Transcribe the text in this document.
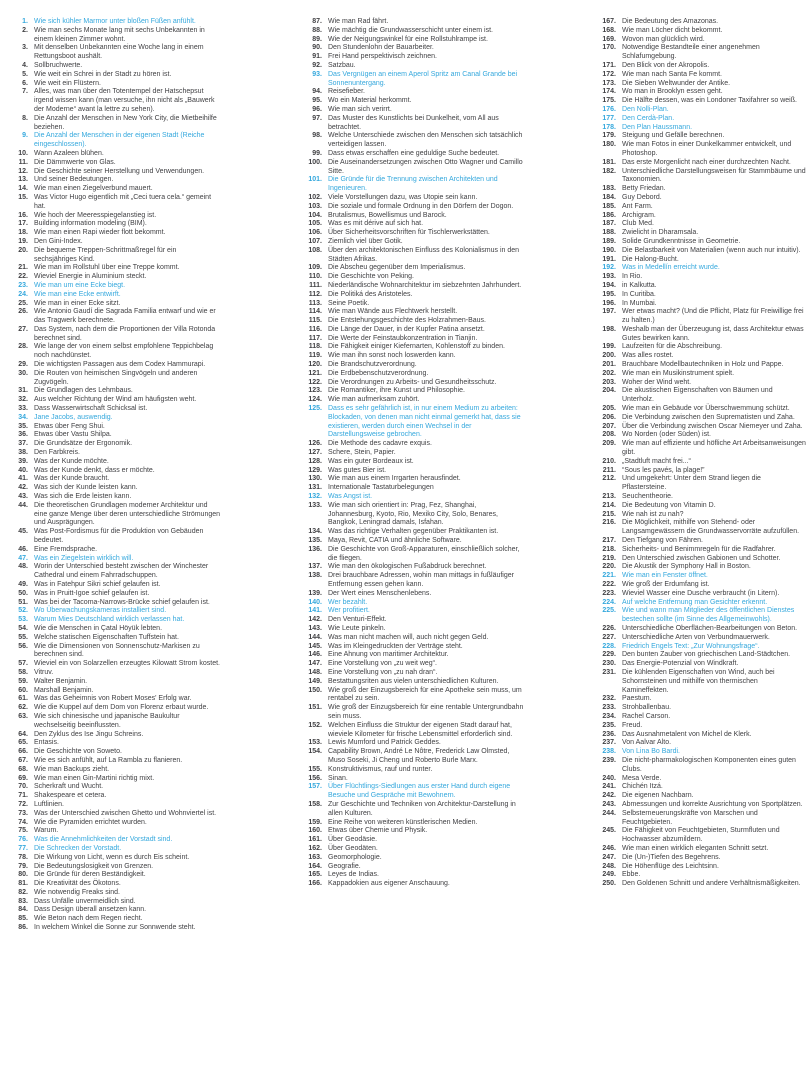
1. Wie sich kühler Marmor unter bloßen Füßen anfühlt.
2. Wie man sechs Monate lang mit sechs Unbekannten in einem kleinen Zimmer wohnt.
3. Mit denselben Unbekannten eine Woche lang in einem Rettungsboot aushält.
4. Sollbruchwerte.
5. Wie weit ein Schrei in der Stadt zu hören ist.
6. Wie weit ein Flüstern.
7. Alles, was man über den Totentempel der Hatschepsut irgend wissen kann (man versuche, ihn nicht als „Bauwerk der Moderne“ avant la lettre zu sehen).
8. Die Anzahl der Menschen in New York City, die Mietbeihilfe beziehen.
9. Die Anzahl der Menschen in der eigenen Stadt (Reiche eingeschlossen).
10. Wann Azaleen blühen.
11. Die Dämmwerte von Glas.
12. Die Geschichte seiner Herstellung und Verwendungen.
13. Und seiner Bedeutungen.
14. Wie man einen Ziegelverbund mauert.
15. Was Victor Hugo eigentlich mit „Ceci tuera cela.“ gemeint hat.
16. Wie hoch der Meeresspiegelanstieg ist.
17. Building information modeling (BIM).
18. Wie man einen Rapi wieder flott bekommt.
19. Den Gini-Index.
20. Die bequeme Treppen-Schrittmaßregel für ein sechsjähriges Kind.
21. Wie man im Rollstuhl über eine Treppe kommt.
22. Wieviel Energie in Aluminium steckt.
23. Wie man um eine Ecke biegt.
24. Wie man eine Ecke entwirft.
25. Wie man in einer Ecke sitzt.
26. Wie Antonio Gaudí die Sagrada Familia entwarf und wie er das Tragwerk berechnete.
27. Das System, nach dem die Proportionen der Villa Rotonda berechnet sind.
28. Wie lange der von einem selbst empfohlene Teppichbelag noch nachdünstet.
29. Die wichtigsten Passagen aus dem Codex Hammurapi.
30. Die Routen von heimischen Singvögeln und anderen Zugvögeln.
31. Die Grundlagen des Lehmbaus.
32. Aus welcher Richtung der Wind am häufigsten weht.
33. Dass Wasserwirtschaft Schicksal ist.
34. Jane Jacobs, auswendig.
35. Etwas über Feng Shui.
36. Etwas über Vastu Shilpa.
37. Die Grundsätze der Ergonomik.
38. Den Farbkreis.
39. Was der Kunde möchte.
40. Was der Kunde denkt, dass er möchte.
41. Was der Kunde braucht.
42. Was sich der Kunde leisten kann.
43. Was sich die Erde leisten kann.
44. Die theoretischen Grundlagen moderner Architektur und eine ganze Menge über deren unterschiedliche Strömungen und Ausprägungen.
45. Was Post-Fordismus für die Produktion von Gebäuden bedeutet.
46. Eine Fremdsprache.
47. Was ein Ziegelstein wirklich will.
48. Worin der Unterschied besteht zwischen der Winchester Cathedral und einem Fahrradschuppen.
49. Was in Fatehpur Sikri schief gelaufen ist.
50. Was in Pruitt-Igoe schief gelaufen ist.
51. Was bei der Tacoma-Narrows-Brücke schief gelaufen ist.
52. Wo Überwachungskameras installiert sind.
53. Warum Mies Deutschland wirklich verlassen hat.
54. Wie die Menschen in Çatal Höyük lebten.
55. Welche statischen Eigenschaften Tuffstein hat.
56. Wie die Dimensionen von Sonnenschutz-Markisen zu berechnen sind.
57. Wieviel ein von Solarzellen erzeugtes Kilowatt Strom kostet.
58. Vitruv.
59. Walter Benjamin.
60. Marshall Benjamin.
61. Was das Geheimnis von Robert Moses' Erfolg war.
62. Wie die Kuppel auf dem Dom von Florenz erbaut wurde.
63. Wie sich chinesische und japanische Baukultur wechselseitig beeinflussten.
64. Den Zyklus des Ise Jingu Schreins.
65. Entasis.
66. Die Geschichte von Soweto.
67. Wie es sich anfühlt, auf La Rambla zu flanieren.
68. Wie man Backups zieht.
69. Wie man einen Gin-Martini richtig mixt.
70. Scherkraft und Wucht.
71. Shakespeare et cetera.
72. Luftlinien.
73. Was der Unterschied zwischen Ghetto und Wohnviertel ist.
74. Wie die Pyramiden errichtet wurden.
75. Warum.
76. Was die Annehmlichkeiten der Vorstadt sind.
77. Die Schrecken der Vorstadt.
78. Die Wirkung von Licht, wenn es durch Eis scheint.
79. Die Bedeutungslosigkeit von Grenzen.
80. Die Gründe für deren Beständigkeit.
81. Die Kreativität des Ökotons.
82. Wie notwendig Freaks sind.
83. Dass Unfälle unvermeidlich sind.
84. Dass Design überall ansetzen kann.
85. Wie Beton nach dem Regen riecht.
86. In welchem Winkel die Sonne zur Sonnwende steht.
87. Wie man Rad fährt.
88. Wie mächtig die Grundwasserschicht unter einem ist.
89. Wie der Neigungswinkel für eine Rollstuhlrampe ist.
90. Den Stundenlohn der Bauarbeiter.
91. Frei Hand perspektivisch zeichnen.
92. Satzbau.
93. Das Vergnügen an einem Aperol Spritz am Canal Grande bei Sonnenuntergang.
94. Reisefieber.
95. Wo ein Material herkommt.
96. Wie man sich verirrt.
97. Das Muster des Kunstlichts bei Dunkelheit, vom All aus betrachtet.
98. Welche Unterschiede zwischen den Menschen sich tatsächlich verteidigen lassen.
99. Dass etwas erschaffen eine geduldige Suche bedeutet.
100. Die Auseinandersetzungen zwischen Otto Wagner und Camillo Sitte.
101. Die Gründe für die Trennung zwischen Architekten und Ingenieuren.
102. Viele Vorstellungen dazu, was Utopie sein kann.
103. Die soziale und formale Ordnung in den Dörfern der Dogon.
104. Brutalismus, Bowellismus und Barock.
105. Was es mit dérive auf sich hat.
106. Über Sicherheitsvorschriften für Tischlerwerkstätten.
107. Ziemlich viel über Gotik.
108. Über den architektonischen Einfluss des Kolonialismus in den Städten Afrikas.
109. Die Abscheu gegenüber dem Imperialismus.
110. Die Geschichte von Peking.
111. Niederländische Wohnarchitektur im siebzehnten Jahrhundert.
112. Die Politiká des Aristoteles.
113. Seine Poetik.
114. Wie man Wände aus Flechtwerk herstellt.
115. Die Entstehungsgeschichte des Holzrahmen-Baus.
116. Die Länge der Dauer, in der Kupfer Patina ansetzt.
117. Die Werte der Feinstaubkonzentration in Tianjin.
118. Die Fähigkeit einiger Kiefernarten, Kohlenstoff zu binden.
119. Wie man ihn sonst noch loswerden kann.
120. Die Brandschutzverordnung.
121. Die Erdbebenschutzverordnung.
122. Die Verordnungen zu Arbeits- und Gesundheitsschutz.
123. Die Romantiker, ihre Kunst und Philosophie.
124. Wie man aufmerksam zuhört.
125. Dass es sehr gefährlich ist, in nur einem Medium zu arbeiten: Blockaden, von denen man nicht einmal gemerkt hat, dass sie existieren, werden durch einen Wechsel in der Darstellungsweise gebrochen.
126. Die Methode des cadavre exquis.
127. Schere, Stein, Papier.
128. Was ein guter Bordeaux ist.
129. Was gutes Bier ist.
130. Wie man aus einem Irrgarten herausfindet.
131. Internationale Tastaturbelegungen
132. Was Angst ist.
133. Wie man sich orientiert in: Prag, Fez, Shanghai, Johannesburg, Kyoto, Rio, Mexiko City, Solo, Benares, Bangkok, Leningrad damals, Isfahan.
134. Was das richtige Verhalten gegenüber Praktikanten ist.
135. Maya, Revit, CATIA und ähnliche Software.
136. Die Geschichte von Groß-Apparaturen, einschließlich solcher, die fliegen.
137. Wie man den ökologischen Fußabdruck berechnet.
138. Drei brauchbare Adressen, wohin man mittags in fußläufiger Entfernung essen gehen kann.
139. Der Wert eines Menschenlebens.
140. Wer bezahlt.
141. Wer profitiert.
142. Den Venturi-Effekt.
143. Wie Leute pinkeln.
144. Was man nicht machen will, auch nicht gegen Geld.
145. Was im Kleingedruckten der Verträge steht.
146. Eine Ahnung von maritimer Architektur.
147. Eine Vorstellung von „zu weit weg“.
148. Eine Vorstellung von „zu nah dran“.
149. Bestattungsriten aus vielen unterschiedlichen Kulturen.
150. Wie groß der Einzugsbereich für eine Apotheke sein muss, um rentabel zu sein.
151. Wie groß der Einzugsbereich für eine rentable Untergrundbahn sein muss.
152. Welchen Einfluss die Struktur der eigenen Stadt darauf hat, wieviele Kilometer für frische Lebensmittel erforderlich sind.
153. Lewis Mumford und Patrick Geddes.
154. Capability Brown, André Le Nôtre, Frederick Law Olmsted, Muso Soseki, Ji Cheng und Roberto Burle Marx.
155. Konstruktivismus, rauf und runter.
156. Sinan.
157. Über Flüchtlings-Siedlungen aus erster Hand durch eigene Besuche und Gespräche mit Bewohnern.
158. Zur Geschichte und Techniken von Architektur-Darstellung in allen Kulturen.
159. Eine Reihe von weiteren künstlerischen Medien.
160. Etwas über Chemie und Physik.
161. Über Geodäsie.
162. Über Geodäten.
163. Geomorphologie.
164. Geografie.
165. Leyes de Indias.
166. Kappadokien aus eigener Anschauung.
167. Die Bedeutung des Amazonas.
168. Wie man Löcher dicht bekommt.
169. Wovon man glücklich wird.
170. Notwendige Bestandteile einer angenehmen Schlafumgebung.
171. Den Blick von der Akropolis.
172. Wie man nach Santa Fe kommt.
173. Die Sieben Weltwunder der Antike.
174. Wo man in Brooklyn essen geht.
175. Die Hälfte dessen, was ein Londoner Taxifahrer so weiß.
176. Den Nolli-Plan.
177. Den Cerdà-Plan.
178. Den Plan Haussmann.
179. Steigung und Gefälle berechnen.
180. Wie man Fotos in einer Dunkelkammer entwickelt, und Photoshop.
181. Das erste Morgenlicht nach einer durchzechten Nacht.
182. Unterschiedliche Darstellungsweisen für Stammbäume und Taxonomien.
183. Betty Friedan.
184. Guy Debord.
185. Ant Farm.
186. Archigram.
187. Club Med.
188. Zwielicht in Dharamsala.
189. Solide Grundkenntnisse in Geometrie.
190. Die Belastbarkeit von Materialien (wenn auch nur intuitiv).
191. Die Halong-Bucht.
192. Was in Medellín erreicht wurde.
193. In Rio.
194. in Kalkutta.
195. In Curitiba.
196. In Mumbai.
197. Wer etwas macht? (Und die Pflicht, Platz für Freiwillige frei zu halten.)
198. Weshalb man der Überzeugung ist, dass Architektur etwas Gutes bewirken kann.
199. Laufzeiten für die Abschreibung.
200. Was alles rostet.
201. Brauchbare Modellbautechniken in Holz und Pappe.
202. Wie man ein Musikinstrument spielt.
203. Woher der Wind weht.
204. Die akustischen Eigenschaften von Bäumen und Unterholz.
205. Wie man ein Gebäude vor Überschwemmung schützt.
206. Die Verbindung zwischen den Suprematisten und Zaha.
207. Über die Verbindung zwischen Oscar Niemeyer und Zaha.
208. Wo Norden (oder Süden) ist.
209. Wie man auf effiziente und höfliche Art Arbeitsanweisungen gibt.
210. „Stadtluft macht frei...“
211. “Sous les pavés, la plage!”
212. Und umgekehrt: Unter dem Strand liegen die Pflastersteine.
213. Seuchentheorie.
214. Die Bedeutung von Vitamin D.
215. Wie nah ist zu nah?
216. Die Möglichkeit, mithilfe von Stehend- oder Langsamgewässern die Grundwasservorräte aufzufüllen.
217. Den Tiefgang von Fähren.
218. Sicherheits- und Benimmregeln für die Radfahrer.
219. Den Unterschied zwischen Gabionen und Schotter.
220. Die Akustik der Symphony Hall in Boston.
221. Wie man ein Fenster öffnet.
222. Wie groß der Erdumfang ist.
223. Wieviel Wasser eine Dusche verbraucht (in Litern).
224. Auf welche Entfernung man Gesichter erkennt.
225. Wie und wann man Mitglieder des öffentlichen Dienstes bestechen sollte (im Sinne des Allgemeinwohls).
226. Unterschiedliche Oberflächen-Bearbeitungen von Beton.
227. Unterschiedliche Arten von Verbundmauerwerk.
228. Friedrich Engels Text: „Zur Wohnungsfrage“.
229. Den bunten Zauber von griechischen Land-Städtchen.
230. Das Energie-Potenzial von Windkraft.
231. Die kühlenden Eigenschaften von Wind, auch bei Schornsteinen und mithilfe von thermischen Kamineffekten.
232. Paestum.
233. Strohballenbau.
234. Rachel Carson.
235. Freud.
236. Das Ausnahmetalent von Michel de Klerk.
237. Von Aalvar Alto.
238. Von Lina Bo Bardi.
239. Die nicht-pharmakologischen Komponenten eines guten Clubs.
240. Mesa Verde.
241. Chichén Itzá.
242. Die eigenen Nachbarn.
243. Abmessungen und korrekte Ausrichtung von Sportplätzen.
244. Selbsterneuerungskräfte von Marschen und Feuchtgebieten.
245. Die Fähigkeit von Feuchtgebieten, Sturmfluten und Hochwasser abzumildern.
246. Wie man einen wirklich eleganten Schnitt setzt.
247. Die (Un-)Tiefen des Begehrens.
248. Die Höhenflüge des Leichtsinn.
249. Ebbe.
250. Den Goldenen Schnitt und andere Verhältnismäßigkeiten.
